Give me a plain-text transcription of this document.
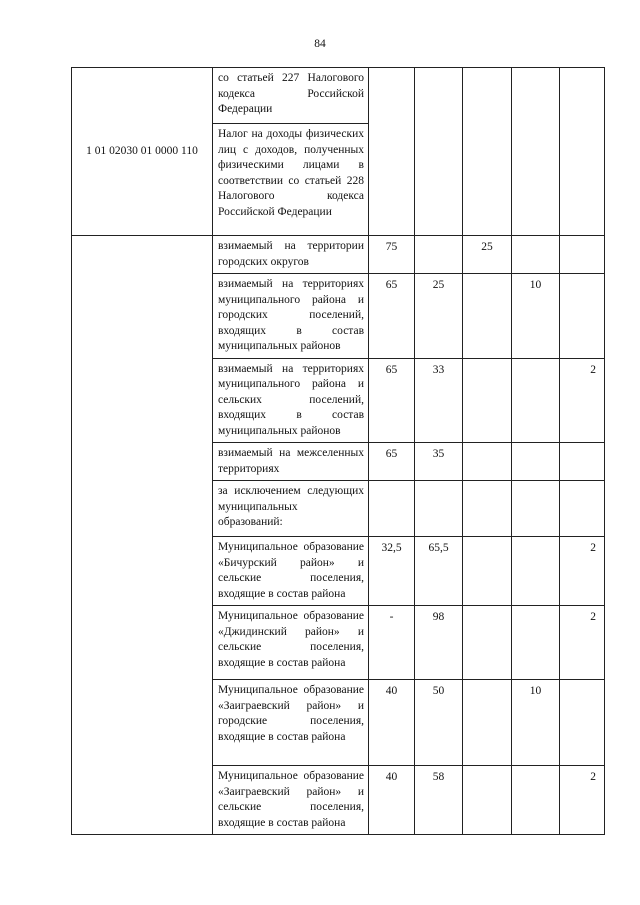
84
1 01 02030 01 0000 110	со статьей 227 Налогового кодекса Российской Федерации					
	Налог на доходы физических лиц с доходов, полученных физическими лицами в соответствии со статьей 228 Налогового кодекса Российской Федерации					
	взимаемый на территории городских округов	75		25		
	взимаемый на территориях муниципального района и городских поселений, входящих в состав муниципальных районов	65	25		10	
	взимаемый на территориях муниципального района и сельских поселений, входящих в состав муниципальных районов	65	33			2
	взимаемый на межселенных территориях	65	35			
	за исключением следующих муниципальных образований:					
	Муниципальное образование «Бичурский район» и сельские поселения, входящие в состав района	32,5	65,5			2
	Муниципальное образование «Джидинский район» и сельские поселения, входящие в состав района	-	98			2
	Муниципальное образование «Заиграевский район» и городские поселения, входящие в состав района	40	50		10	
	Муниципальное образование «Заиграевский район» и сельские поселения, входящие в состав района	40	58			2
